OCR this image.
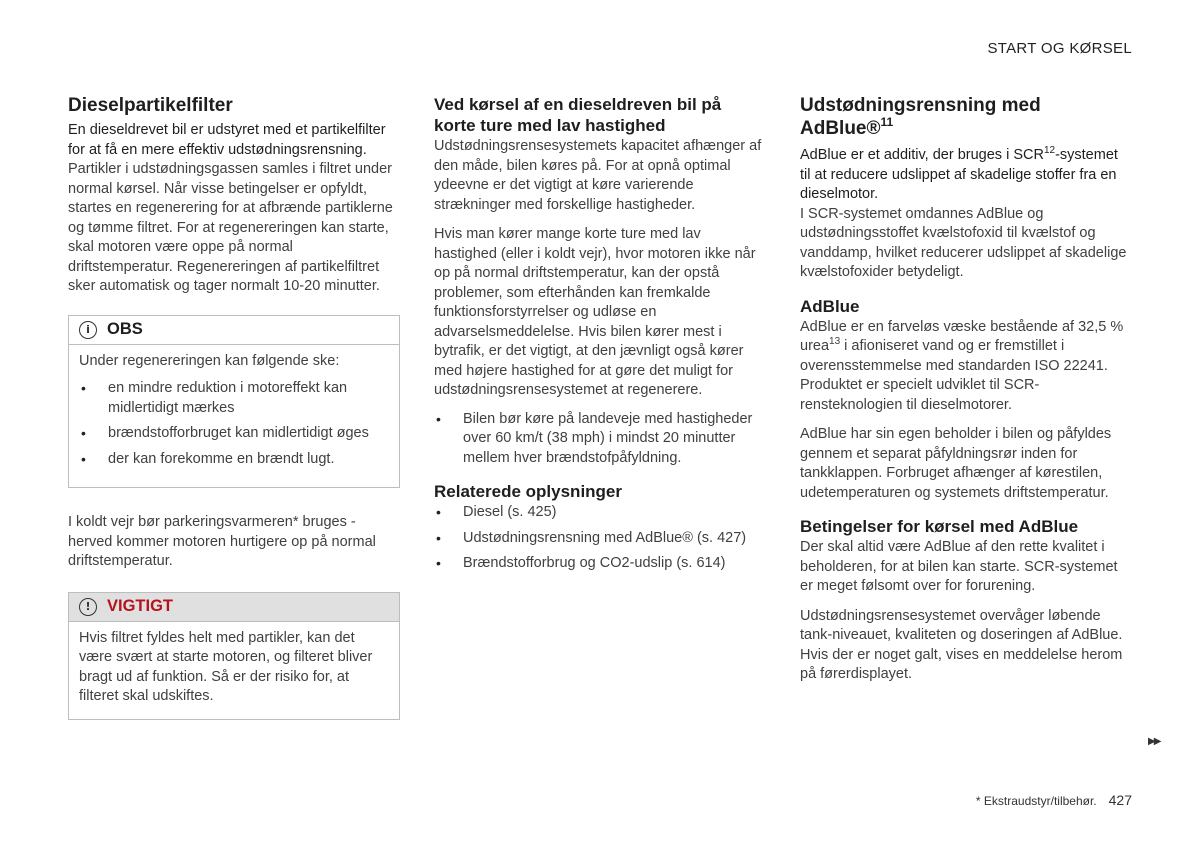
START OG KØRSEL
Dieselpartikelfilter

En dieseldrevet bil er udstyret med et partikelfilter for at få en mere effektiv udstødningsrensning.

Partikler i udstødningsgassen samles i filtret under normal kørsel. Når visse betingelser er opfyldt, startes en regenerering for at afbrænde partiklerne og tømme filtret. For at regenereringen kan starte, skal motoren være oppe på normal driftstemperatur. Regenereringen af partikelfiltret sker automatisk og tager normalt 10-20 minutter.

i	OBS

Under regenereringen kan følgende ske:

• en mindre reduktion i motoreffekt kan midlertidigt mærkes
• brændstofforbruget kan midlertidigt øges
• der kan forekomme en brændt lugt.

I koldt vejr bør parkeringsvarmeren* bruges - herved kommer motoren hurtigere op på normal driftstemperatur.

! VIGTIGT

Hvis filtret fyldes helt med partikler, kan det være svært at starte motoren, og filteret bliver bragt ud af funktion. Så er der risiko for, at filteret skal udskiftes.

Ved kørsel af en dieseldreven bil på korte ture med lav hastighed

Udstødningsrensesystemets kapacitet afhænger af den måde, bilen køres på. For at opnå optimal ydeevne er det vigtigt at køre varierende strækninger med forskellige hastigheder.

Hvis man kører mange korte ture med lav hastighed (eller i koldt vejr), hvor motoren ikke når op på normal driftstemperatur, kan der opstå problemer, som efterhånden kan fremkalde funktionsforstyrrelser og udløse en advarselsmeddelelse. Hvis bilen kører mest i bytrafik, er det vigtigt, at den jævnligt også kører med højere hastighed for at gøre det muligt for udstødningsrensesystemet at regenerere.

• Bilen bør køre på landeveje med hastigheder over 60 km/t (38 mph) i mindst 20 minutter mellem hver brændstofpåfyldning.
Relaterede oplysninger
• Diesel (s. 425)
• Udstødningsrensning med AdBlue® (s. 427)
• Brændstofforbrug og CO2-udslip (s. 614)
Udstødningsrensning med AdBlue®$^{11}$

AdBlue er et additiv, der bruges i SCR$^{12}$-systemet til at reducere udslippet af skadelige stoffer fra en dieselmotor.

I SCR-systemet omdannes AdBlue og udstødningsstoffet kvælstofoxid til kvælstof og vanddamp, hvilket reducerer udslippet af skadelige kvælstofoxider betydeligt.

AdBlue

AdBlue er en farveløs væske bestående af 32,5 % urea$^{13}$ i afioniseret vand og er fremstillet i overensstemmelse med standarden ISO 22241. Produktet er specielt udviklet til SCR-rensteknologien til dieselmotorer.

AdBlue har sin egen beholder i bilen og påfyldes gennem et separat påfyldningsrør inden for tankklappen. Forbruget afhænger af kørestilen, udetemperaturen og systemets driftstemperatur.

Betingelser for kørsel med AdBlue

Der skal altid være AdBlue af den rette kvalitet i beholderen, for at bilen kan starte. SCR-systemet er meget følsomt over for forurening.

Udstødningsrensesystemet overvåger løbende tank-niveauet, kvaliteten og doseringen af AdBlue. Hvis der er noget galt, vises en meddelelse herom på førerdisplayet.

▶▶
* Ekstraudstyr/tilbehør. 427
